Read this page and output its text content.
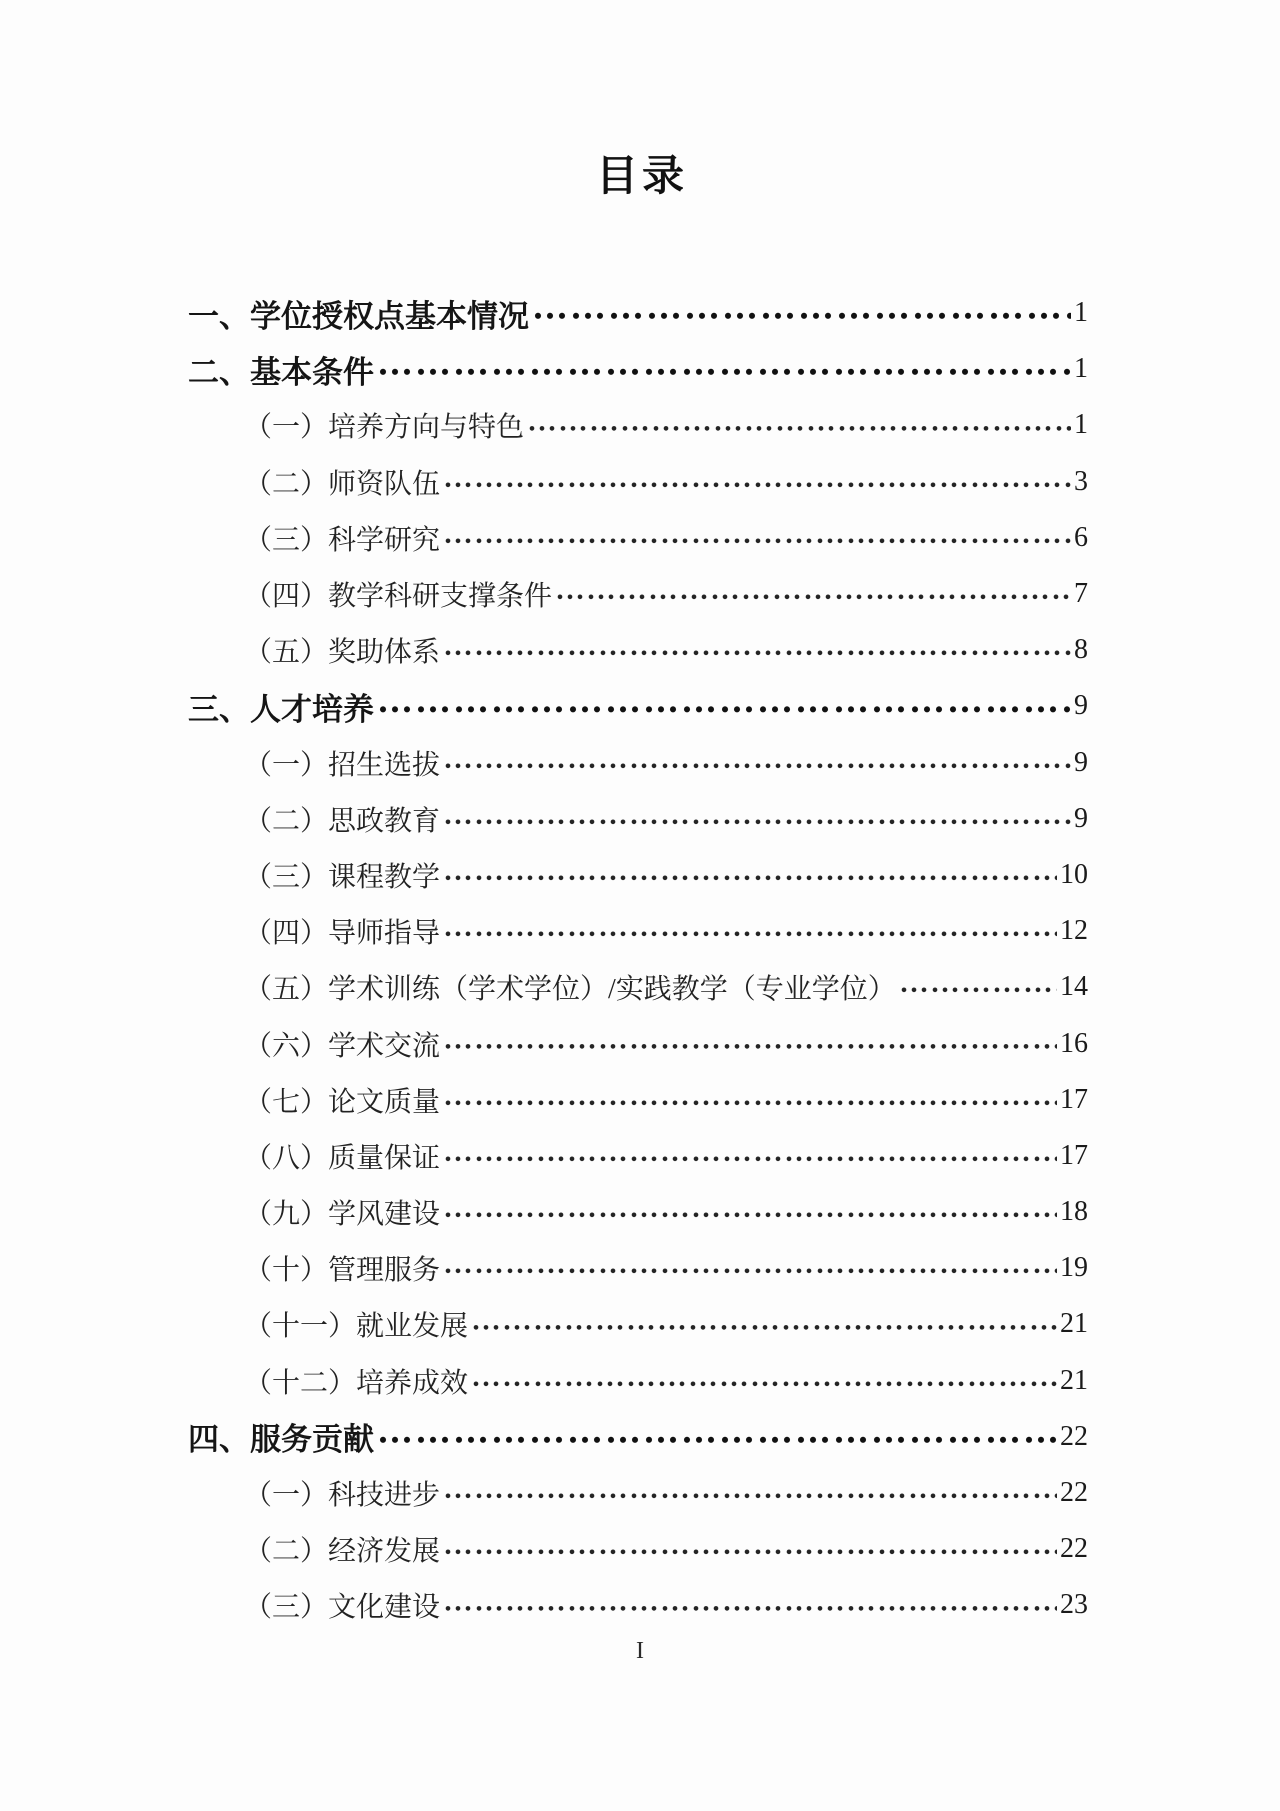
目录
一、学位授权点基本情况	1
二、基本条件	1
（一）培养方向与特色	1
（二）师资队伍	3
（三）科学研究	6
（四）教学科研支撑条件	7
（五）奖助体系	8
三、人才培养	9
（一）招生选拔	9
（二）思政教育	9
（三）课程教学	10
（四）导师指导	12
（五）学术训练（学术学位）/实践教学（专业学位）	14
（六）学术交流	16
（七）论文质量	17
（八）质量保证	17
（九）学风建设	18
（十）管理服务	19
（十一）就业发展	21
（十二）培养成效	21
四、服务贡献	22
（一）科技进步	22
（二）经济发展	22
（三）文化建设	23
I
